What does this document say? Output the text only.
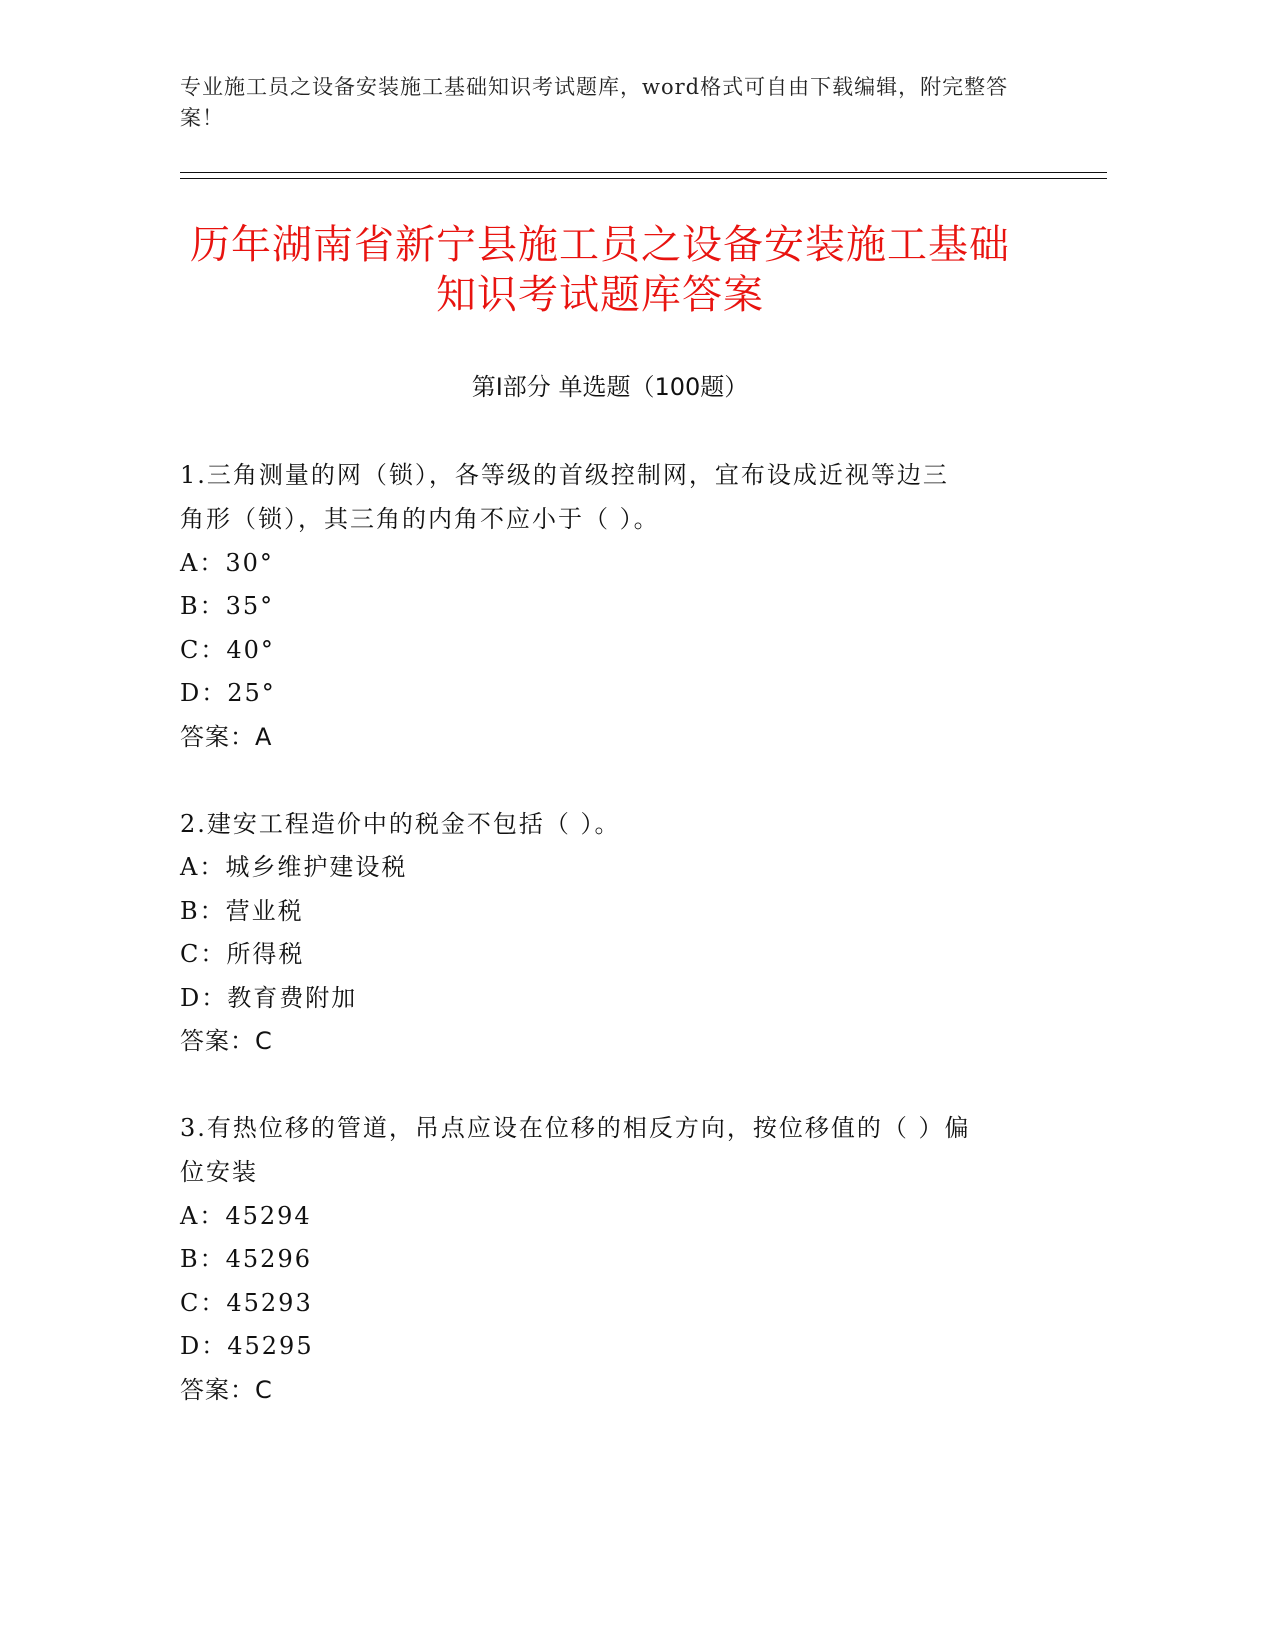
专业施工员之设备安装施工基础知识考试题库，word格式可自由下载编辑，附完整答案！
历年湖南省新宁县施工员之设备安装施工基础知识考试题库答案
第Ⅰ部分 单选题（100题）
1.三角测量的网（锁），各等级的首级控制网，宜布设成近视等边三
角形（锁），其三角的内角不应小于（ ）。
A：30°
B：35°
C：40°
D：25°
答案：A
2.建安工程造价中的税金不包括（ ）。
A：城乡维护建设税
B：营业税
C：所得税
D：教育费附加
答案：C
3.有热位移的管道，吊点应设在位移的相反方向，按位移值的（ ）偏
位安装
A：45294
B：45296
C：45293
D：45295
答案：C
